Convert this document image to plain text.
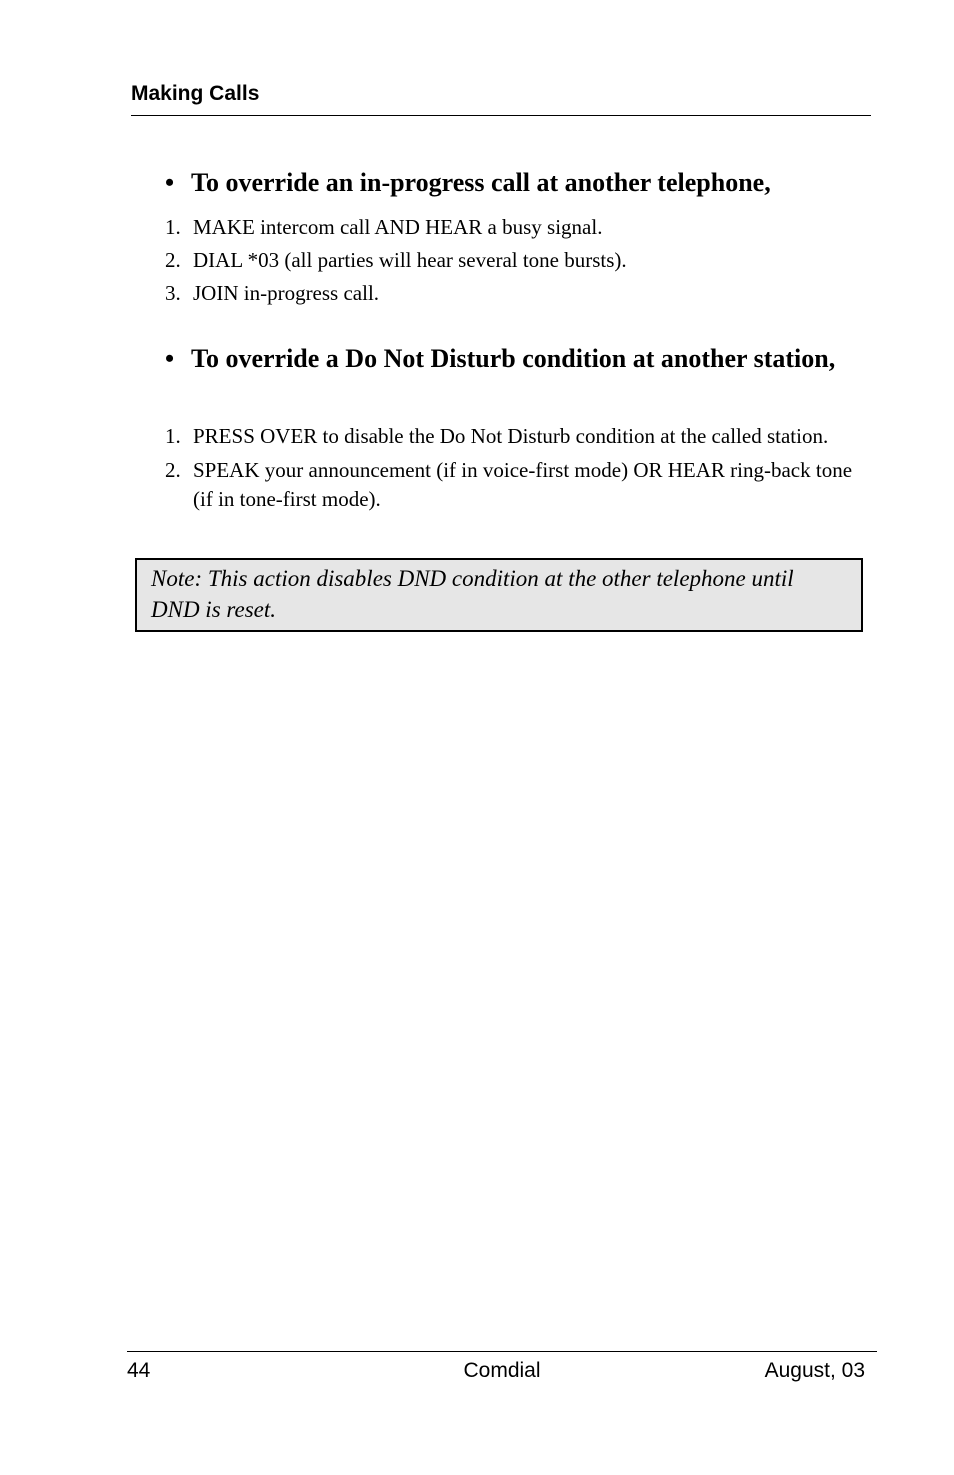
Making Calls
• To override an in-progress call at another telephone,
1. MAKE intercom call AND HEAR a busy signal.
2. DIAL *03 (all parties will hear several tone bursts).
3. JOIN in-progress call.
• To override a Do Not Disturb condition at another station,
1. PRESS OVER to disable the Do Not Disturb condition at the called station.
2. SPEAK your announcement (if in voice-first mode) OR HEAR ring-back tone (if in tone-first mode).
Note: This action disables DND condition at the other telephone until DND is reset.
44	Comdial	August, 03
